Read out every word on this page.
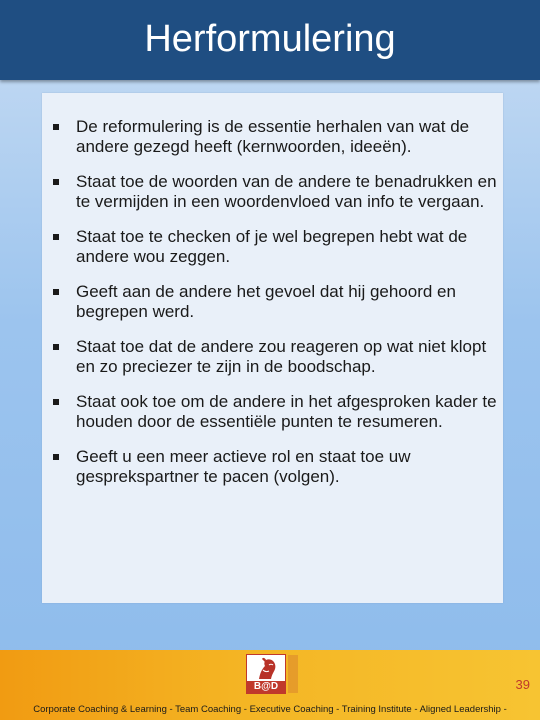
Herformulering
De reformulering is de essentie herhalen van wat de andere gezegd heeft (kernwoorden, ideeën).
Staat toe de woorden van de andere te benadrukken en te vermijden in een woordenvloed van info te vergaan.
Staat toe te checken of je wel begrepen hebt wat de andere wou zeggen.
Geeft aan de andere het gevoel dat hij gehoord en begrepen werd.
Staat toe dat de andere zou reageren op wat niet klopt en zo preciezer te zijn in de boodschap.
Staat ook toe om de andere in het afgesproken kader te houden door de essentiële punten te resumeren.
Geeft u een meer actieve rol en staat toe uw gesprekspartner te pacen (volgen).
B@D	39
Corporate Coaching & Learning - Team Coaching - Executive Coaching - Training Institute - Aligned Leadership -
